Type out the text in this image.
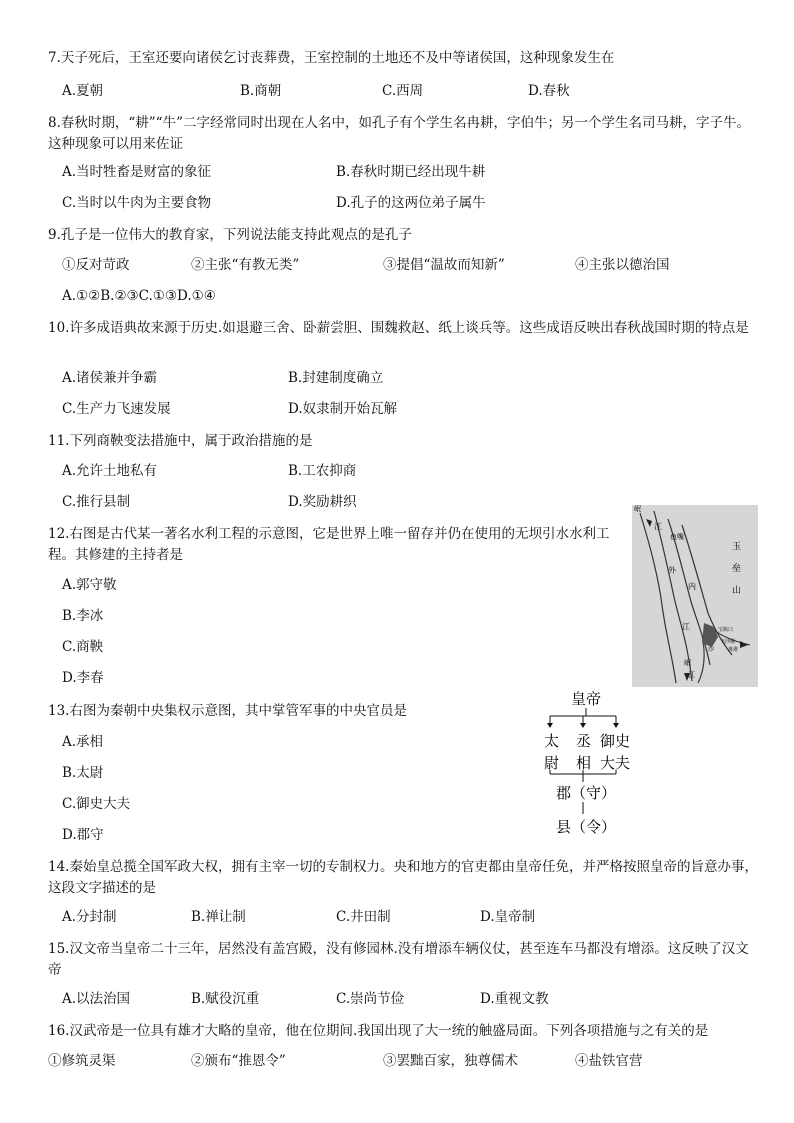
7.天子死后，王室还要向诸侯乞讨丧葬费，王室控制的土地还不及中等诸侯国，这种现象发生在
A.夏朝	B.商朝	C.西周	D.春秋
8.春秋时期，“耕”“牛”二字经常同时出现在人名中，如孔子有个学生名冉耕，字伯牛；另一个学生名司马耕，字子牛。这种现象可以用来佐证
A.当时牲畜是财富的象征	B.春秋时期已经出现牛耕
C.当时以牛肉为主要食物	D.孔子的这两位弟子属牛
9.孔子是一位伟大的教育家，下列说法能支持此观点的是孔子
①反对苛政	②主张“有教无类”	③提倡“温故而知新”	④主张以德治国
A.①②B.②③C.①③D.①④
10.许多成语典故来源于历史.如退避三舍、卧薪尝胆、围魏救赵、纸上谈兵等。这些成语反映出春秋战国时期的特点是
A.诸侯兼并争霸	B.封建制度确立
C.生产力飞速发展	D.奴隶制开始瓦解
11.下列商鞅变法措施中，属于政治措施的是
A.允许土地私有	B.工农抑商
C.推行县制	D.奖励耕织
12.右图是古代某一著名水利工程的示意图，它是世界上唯一留存并仍在使用的无坝引水水利工程。其修建的主持者是
A.郭守敬
B.李冰
C.商鞅
D.李春
岷
江
鱼嘴
内
外
江
玉
垒
山
宝瓶口
沙
飞沙堰
离堆
岷
江
13.右图为秦朝中央集权示意图，其中掌管军事的中央官员是
A.承相
B.太尉
C.御史大夫
D.郡守
皇帝
太
尉
丞
相
御史
大夫
郡（守）
县（令）
14.秦始皇总揽全国军政大权，拥有主宰一切的专制权力。央和地方的官吏都由皇帝任免，并严格按照皇帝的旨意办事，这段文字描述的是
A.分封制	B.禅让制	C.井田制	D.皇帝制
15.汉文帝当皇帝二十三年，居然没有盖宫殿，没有修园林.没有增添车辆仪仗，甚至连车马都没有增添。这反映了汉文帝
A.以法治国	B.赋役沉重	C.崇尚节俭	D.重视文教
16.汉武帝是一位具有雄才大略的皇帝，他在位期间.我国出现了大一统的触盛局面。下列各项措施与之有关的是
①修筑灵渠	②颁布“推恩令”	③罢黜百家，独尊儒术	④盐铁官营
